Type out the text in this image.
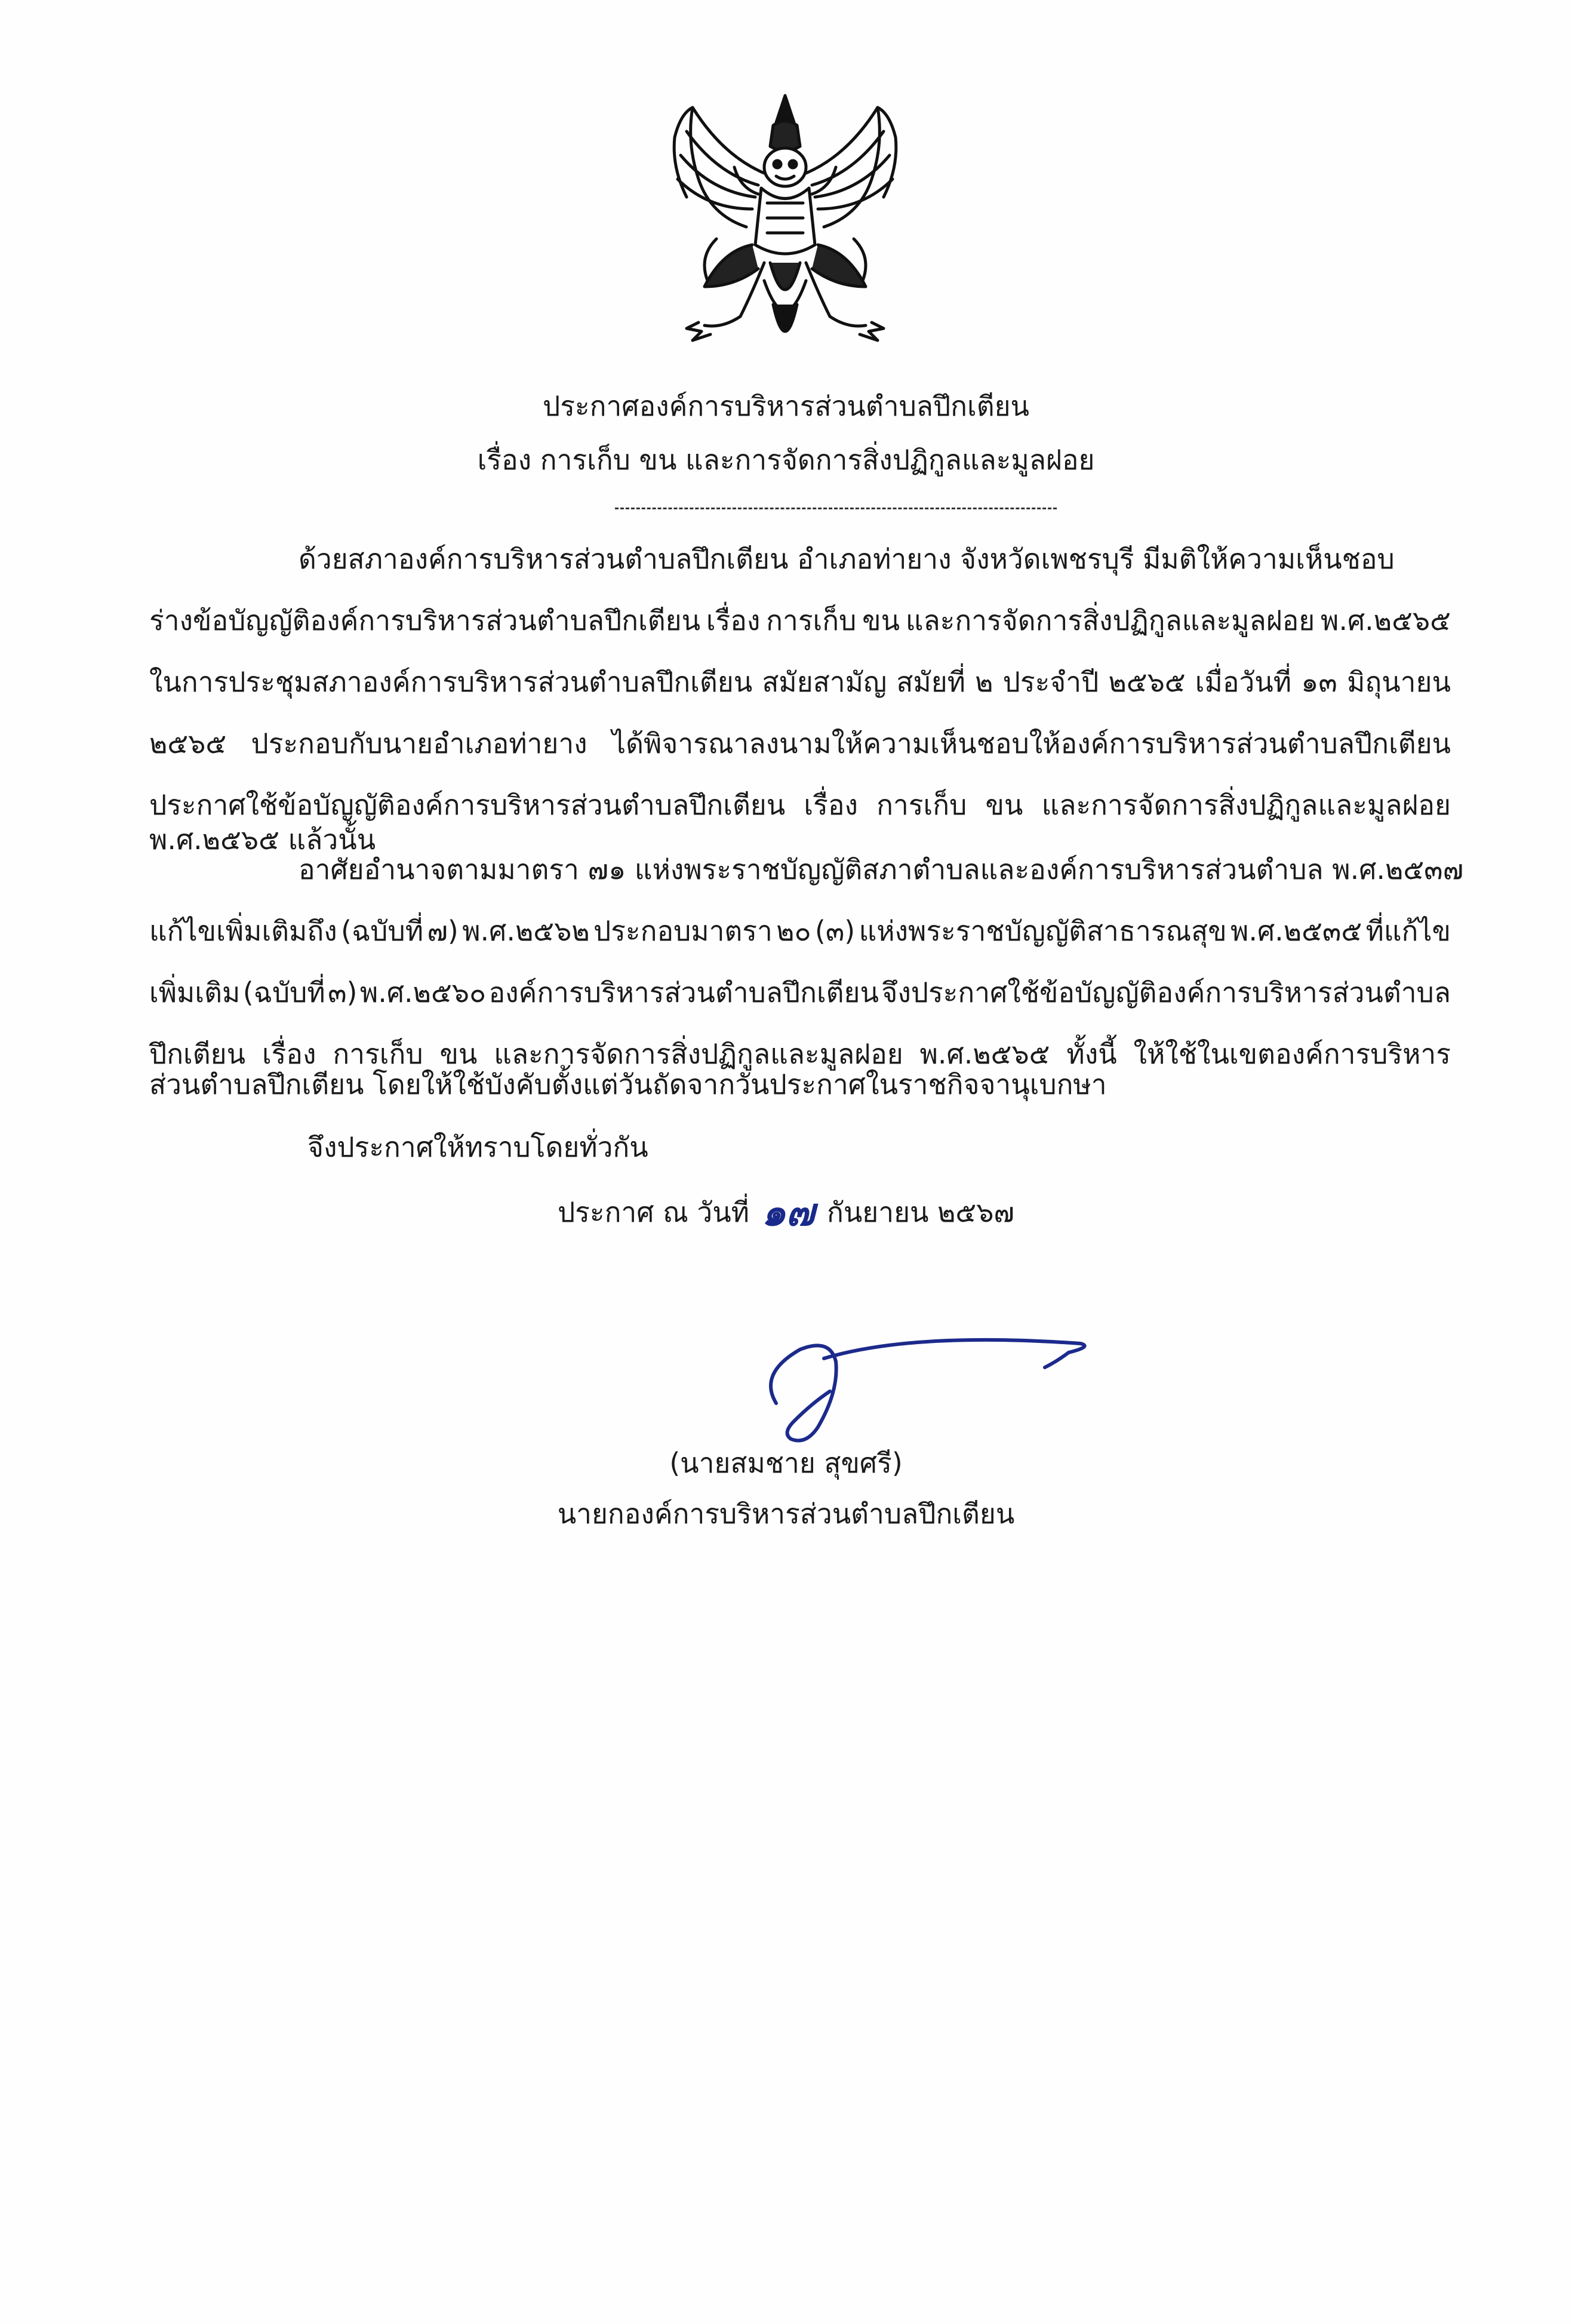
ประกาศองค์การบริหารส่วนตำบลปึกเตียน
เรื่อง การเก็บ ขน และการจัดการสิ่งปฏิกูลและมูลฝอย
ด้วยสภาองค์การบริหารส่วนตำบลปึกเตียน อำเภอท่ายาง จังหวัดเพชรบุรี มีมติให้ความเห็นชอบ
ร่างข้อบัญญัติองค์การบริหารส่วนตำบลปึกเตียน เรื่อง การเก็บ ขน และการจัดการสิ่งปฏิกูลและมูลฝอย พ.ศ.๒๕๖๕
ในการประชุมสภาองค์การบริหารส่วนตำบลปึกเตียน สมัยสามัญ สมัยที่ ๒ ประจำปี ๒๕๖๕ เมื่อวันที่ ๑๓ มิถุนายน
๒๕๖๕ ประกอบกับนายอำเภอท่ายาง ได้พิจารณาลงนามให้ความเห็นชอบให้องค์การบริหารส่วนตำบลปึกเตียน
ประกาศใช้ข้อบัญญัติองค์การบริหารส่วนตำบลปึกเตียน เรื่อง การเก็บ ขน และการจัดการสิ่งปฏิกูลและมูลฝอย
พ.ศ.๒๕๖๕ แล้วนั้น
อาศัยอำนาจตามมาตรา ๗๑ แห่งพระราชบัญญัติสภาตำบลและองค์การบริหารส่วนตำบล พ.ศ.๒๕๓๗
แก้ไขเพิ่มเติมถึง (ฉบับที่ ๗) พ.ศ.๒๕๖๒ ประกอบมาตรา ๒๐ (๓) แห่งพระราชบัญญัติสาธารณสุข พ.ศ.๒๕๓๕ ที่แก้ไข
เพิ่มเติม (ฉบับที่ ๓) พ.ศ.๒๕๖๐ องค์การบริหารส่วนตำบลปึกเตียน จึงประกาศใช้ข้อบัญญัติองค์การบริหารส่วนตำบล
ปึกเตียน เรื่อง การเก็บ ขน และการจัดการสิ่งปฏิกูลและมูลฝอย พ.ศ.๒๕๖๕ ทั้งนี้ ให้ใช้ในเขตองค์การบริหาร
ส่วนตำบลปึกเตียน โดยให้ใช้บังคับตั้งแต่วันถัดจากวันประกาศในราชกิจจานุเบกษา
จึงประกาศให้ทราบโดยทั่วกัน
ประกาศ ณ วันที่ ๑๗ กันยายน ๒๕๖๗
(นายสมชาย สุขศรี)
นายกองค์การบริหารส่วนตำบลปึกเตียน
